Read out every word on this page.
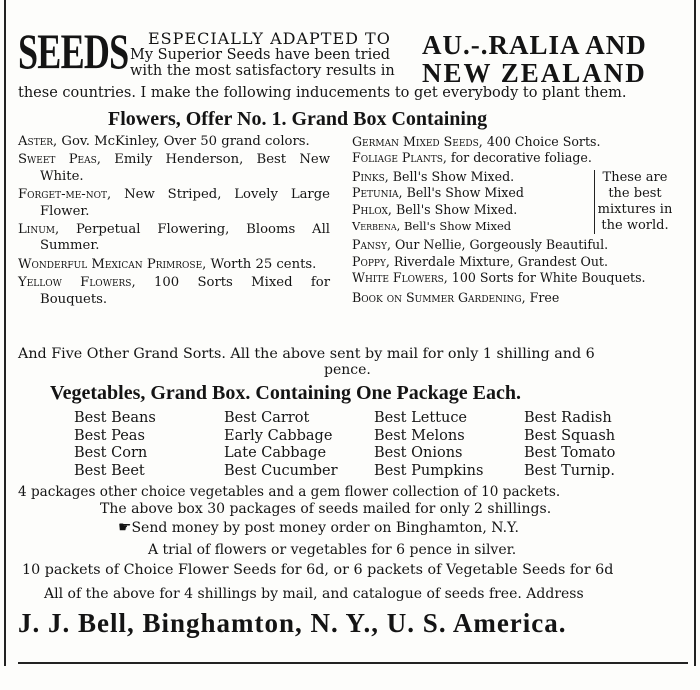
SEEDS ESPECIALLY ADAPTED TO
My Superior Seeds have been tried
with the most satisfactory results in
AU.-.RALIA AND
NEW ZEALAND
these countries. I make the following inducements to get everybody to plant them.
Flowers, Offer No. 1. Grand Box Containing
Aster, Gov. McKinley, Over 50 grand colors.
Sweet Peas, Emily Henderson, Best New White.
Forget-me-not, New Striped, Lovely Large Flower.
Linum, Perpetual Flowering, Blooms All Summer.
Wonderful Mexican Primrose, Worth 25 cents.
Yellow Flowers, 100 Sorts Mixed for Bouquets.
German Mixed Seeds, 400 Choice Sorts.
Foliage Plants, for decorative foliage.
Pinks, Bell's Show Mixed.
Petunia, Bell's Show Mixed
Phlox, Bell's Show Mixed.
Verbena, Bell's Show Mixed
Pansy, Our Nellie, Gorgeously Beautiful.
Poppy, Riverdale Mixture, Grandest Out.
White Flowers, 100 Sorts for White Bouquets.
Book on Summer Gardening, Free
These are
the best
mixtures in
the world.
And Five Other Grand Sorts. All the above sent by mail for only 1 shilling and 6
pence.
Vegetables, Grand Box. Containing One Package Each.
Best Beans	Best Carrot	Best Lettuce	Best Radish
Best Peas	Early Cabbage	Best Melons	Best Squash
Best Corn	Late Cabbage	Best Onions	Best Tomato
Best Beet	Best Cucumber	Best Pumpkins	Best Turnip.
4 packages other choice vegetables and a gem flower collection of 10 packets.
The above box 30 packages of seeds mailed for only 2 shillings.
☛Send money by post money order on Binghamton, N.Y.
A trial of flowers or vegetables for 6 pence in silver.
10 packets of Choice Flower Seeds for 6d, or 6 packets of Vegetable Seeds for 6d
All of the above for 4 shillings by mail, and catalogue of seeds free. Address
J. J. Bell, Binghamton, N. Y., U. S. America.
